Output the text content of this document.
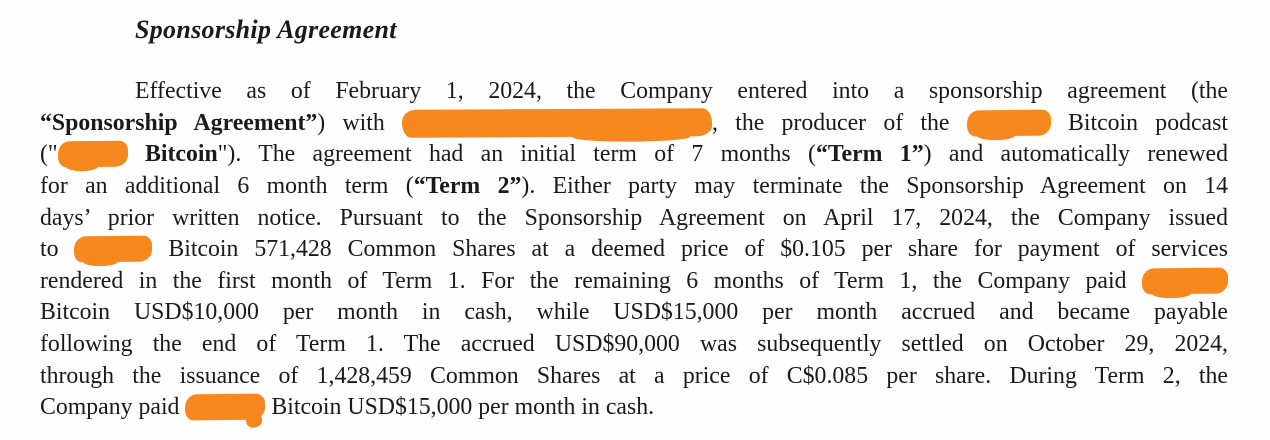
Sponsorship Agreement
Effective as of February 1, 2024, the Company entered into a sponsorship agreement (the
“Sponsorship Agreement”) with	, the producer of the	Bitcoin podcast
("	Bitcoin"). The agreement had an initial term of 7 months (“Term 1”) and automatically renewed
for an additional 6 month term (“Term 2”). Either party may terminate the Sponsorship Agreement on 14
days’ prior written notice. Pursuant to the Sponsorship Agreement on April 17, 2024, the Company issued
to	Bitcoin 571,428 Common Shares at a deemed price of $0.105 per share for payment of services
rendered in the first month of Term 1. For the remaining 6 months of Term 1, the Company paid
Bitcoin USD$10,000 per month in cash, while USD$15,000 per month accrued and became payable
following the end of Term 1. The accrued USD$90,000 was subsequently settled on October 29, 2024,
through the issuance of 1,428,459 Common Shares at a price of C$0.085 per share. During Term 2, the
Company paid	Bitcoin USD$15,000 per month in cash.
